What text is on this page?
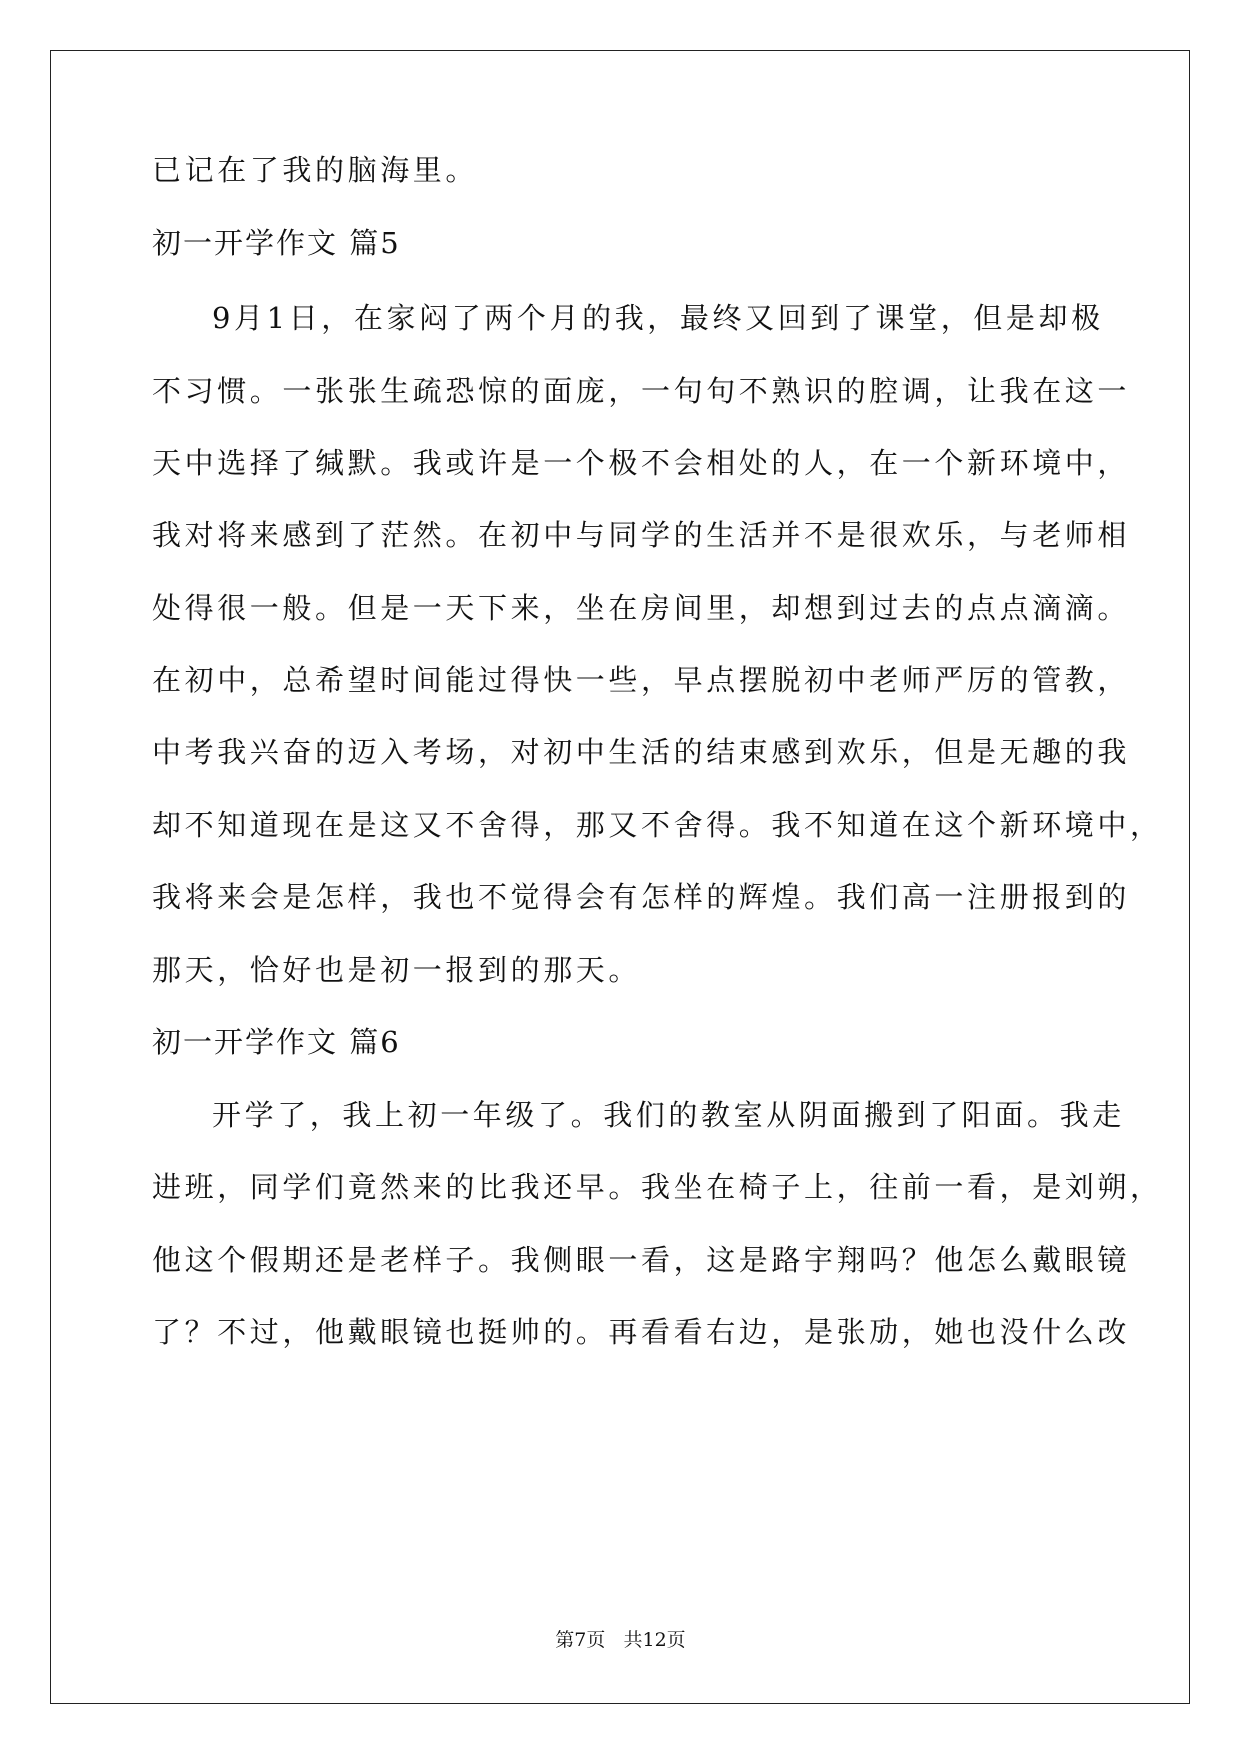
已记在了我的脑海里。
初一开学作文 篇5
9月1日，在家闷了两个月的我，最终又回到了课堂，但是却极
不习惯。一张张生疏恐惊的面庞，一句句不熟识的腔调，让我在这一
天中选择了缄默。我或许是一个极不会相处的人，在一个新环境中，
我对将来感到了茫然。在初中与同学的生活并不是很欢乐，与老师相
处得很一般。但是一天下来，坐在房间里，却想到过去的点点滴滴。
在初中，总希望时间能过得快一些，早点摆脱初中老师严厉的管教，
中考我兴奋的迈入考场，对初中生活的结束感到欢乐，但是无趣的我
却不知道现在是这又不舍得，那又不舍得。我不知道在这个新环境中，
我将来会是怎样，我也不觉得会有怎样的辉煌。我们高一注册报到的
那天，恰好也是初一报到的那天。
初一开学作文 篇6
开学了，我上初一年级了。我们的教室从阴面搬到了阳面。我走
进班，同学们竟然来的比我还早。我坐在椅子上，往前一看，是刘朔，
他这个假期还是老样子。我侧眼一看，这是路宇翔吗？他怎么戴眼镜
了？不过，他戴眼镜也挺帅的。再看看右边，是张劢，她也没什么改
第7页   共12页
